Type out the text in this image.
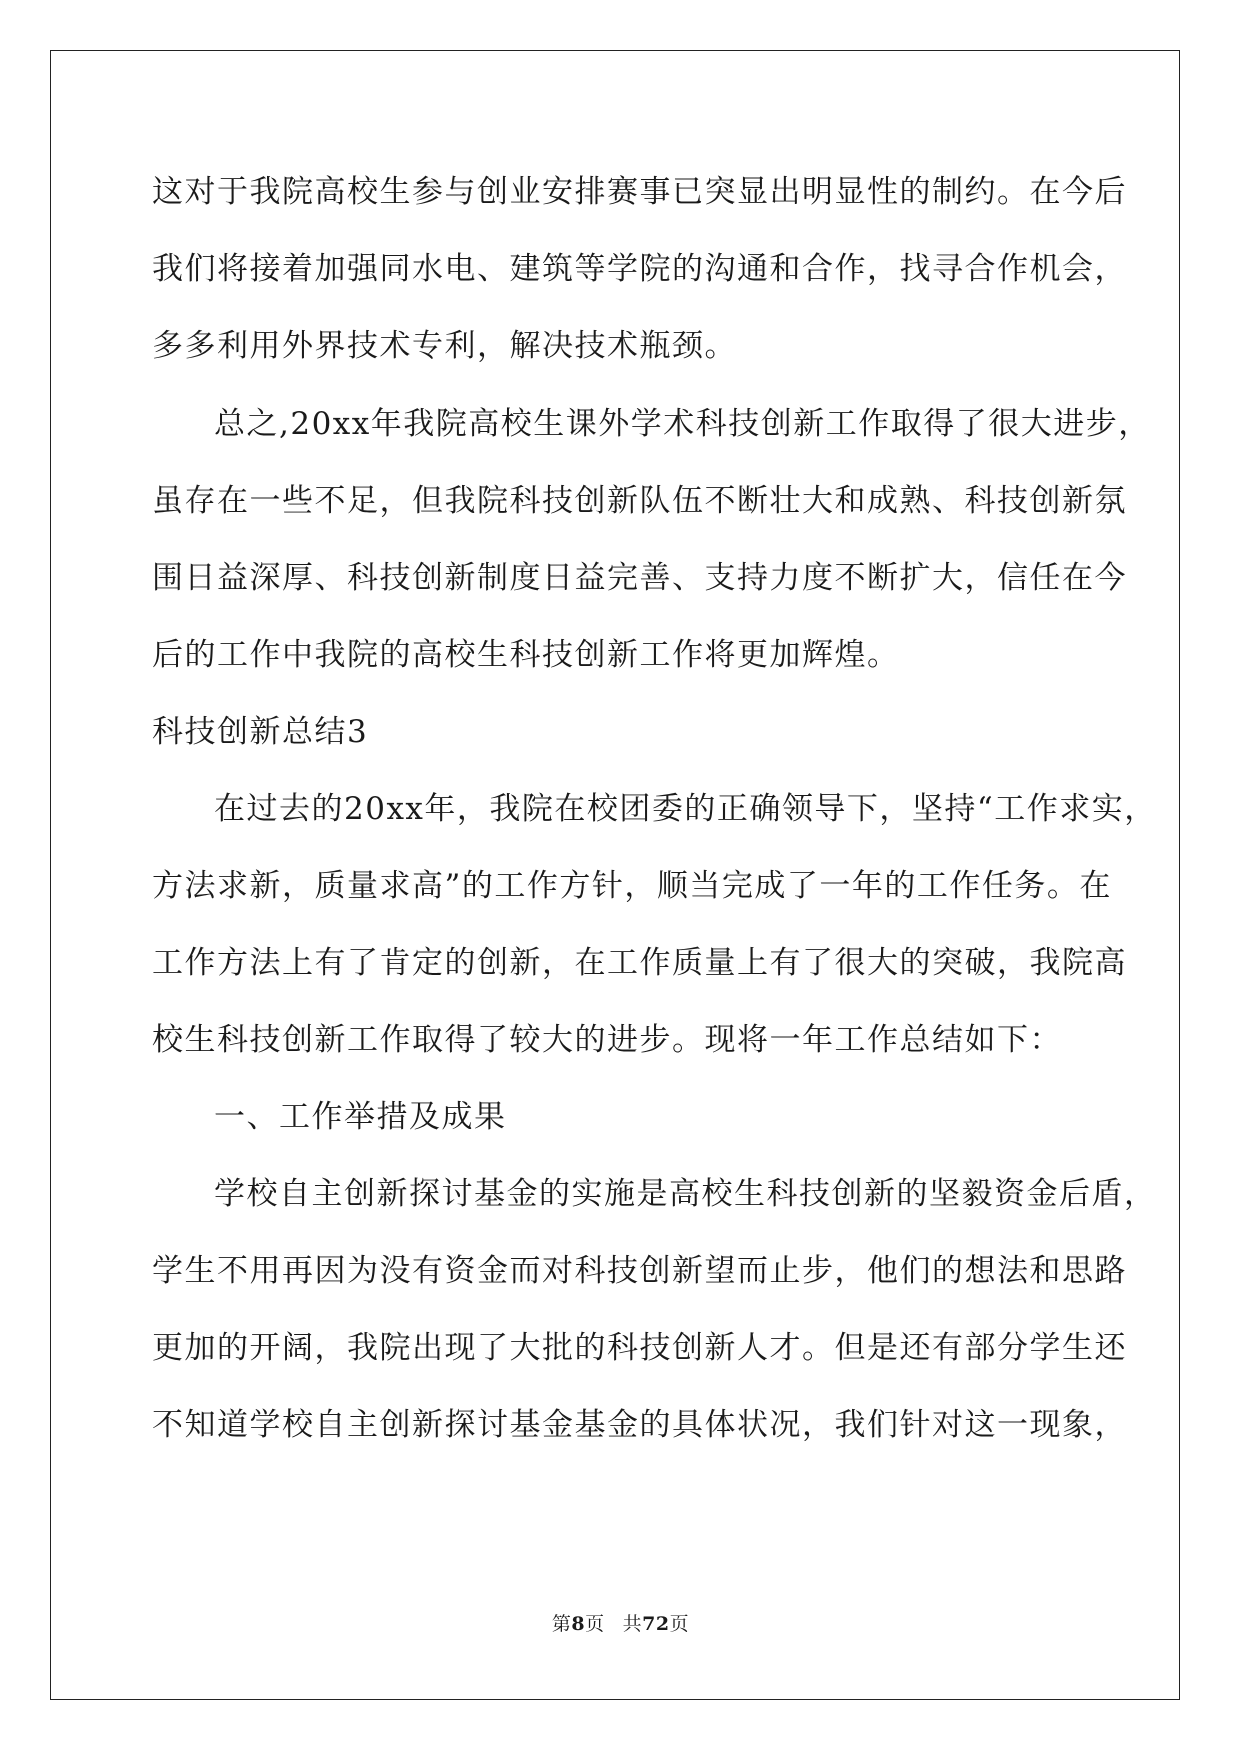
这对于我院高校生参与创业安排赛事已突显出明显性的制约。在今后
我们将接着加强同水电、建筑等学院的沟通和合作，找寻合作机会，
多多利用外界技术专利，解决技术瓶颈。
总之,20xx年我院高校生课外学术科技创新工作取得了很大进步，
虽存在一些不足，但我院科技创新队伍不断壮大和成熟、科技创新氛
围日益深厚、科技创新制度日益完善、支持力度不断扩大，信任在今
后的工作中我院的高校生科技创新工作将更加辉煌。
科技创新总结3
在过去的20xx年，我院在校团委的正确领导下，坚持“工作求实，
方法求新，质量求高”的工作方针，顺当完成了一年的工作任务。在
工作方法上有了肯定的创新，在工作质量上有了很大的突破，我院高
校生科技创新工作取得了较大的进步。现将一年工作总结如下：
一、工作举措及成果
学校自主创新探讨基金的实施是高校生科技创新的坚毅资金后盾，
学生不用再因为没有资金而对科技创新望而止步，他们的想法和思路
更加的开阔，我院出现了大批的科技创新人才。但是还有部分学生还
不知道学校自主创新探讨基金基金的具体状况，我们针对这一现象，
第8页 共72页
